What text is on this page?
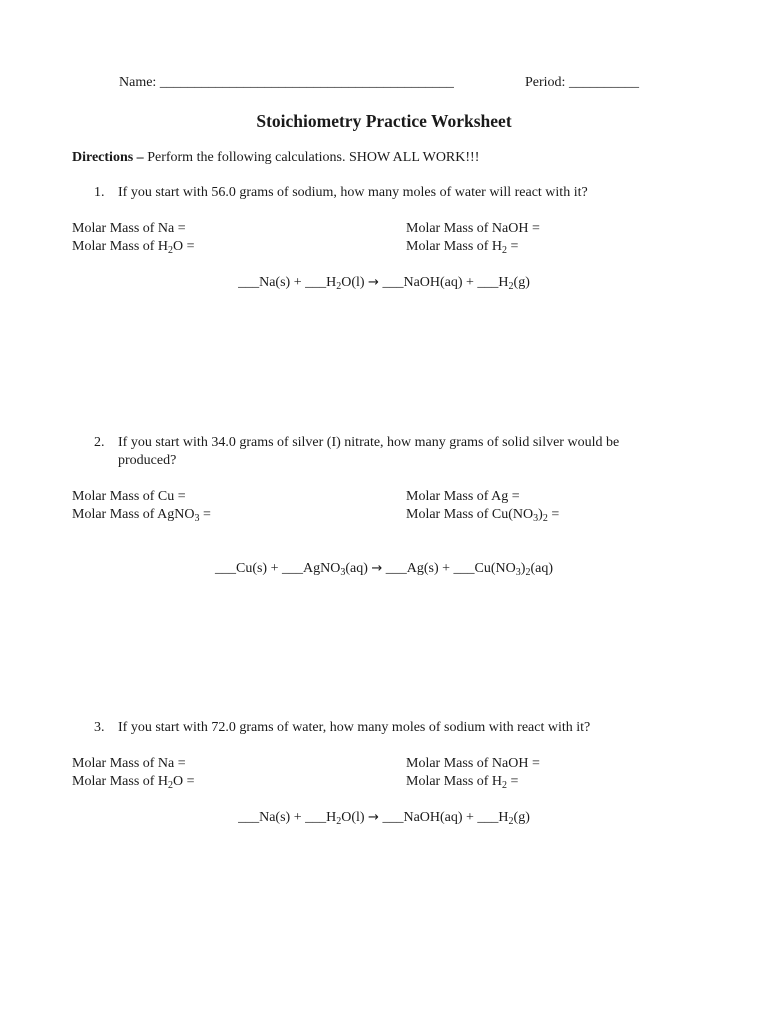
Name: __________________________________________	Period: __________
Stoichiometry Practice Worksheet
Directions – Perform the following calculations. SHOW ALL WORK!!!
1. If you start with 56.0 grams of sodium, how many moles of water will react with it?
Molar Mass of Na =
Molar Mass of $H_2O$ =
Molar Mass of NaOH =
Molar Mass of $H_2$ =
___Na(s) + $\_\_\_H_2O(l)$ → ___NaOH(aq) + $\_\_\_H_2(g)$
2. If you start with 34.0 grams of silver (I) nitrate, how many grams of solid silver would be
produced?
Molar Mass of Cu =
Molar Mass of AgNO$_3$ =
Molar Mass of Ag =
Molar Mass of $Cu(NO_3)_2$ =
___Cu(s) + ___AgNO$_3$(aq) → ___Ag(s) + $\_\_\_Cu(NO_3)_2(aq)$
3. If you start with 72.0 grams of water, how many moles of sodium with react with it?
Molar Mass of Na =
Molar Mass of $H_2O$ =
Molar Mass of NaOH =
Molar Mass of $H_2$ =
___Na(s) + $\_\_\_H_2O(l)$ → ___NaOH(aq) + $\_\_\_H_2(g)$
